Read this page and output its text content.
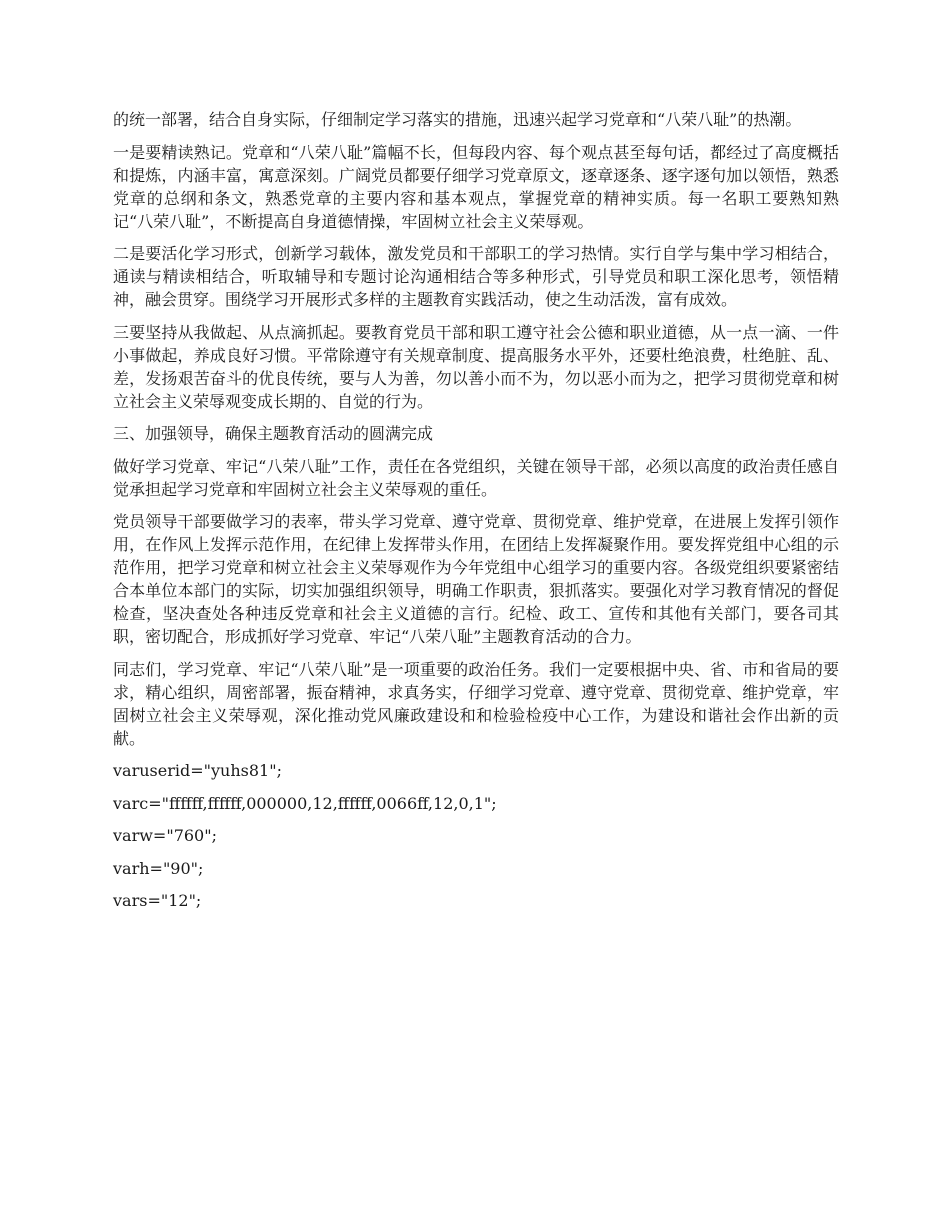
的统一部署，结合自身实际，仔细制定学习落实的措施，迅速兴起学习党章和“八荣八耻”的热潮。

一是要精读熟记。党章和“八荣八耻”篇幅不长，但每段内容、每个观点甚至每句话，都经过了高度概括和提炼，内涵丰富，寓意深刻。广阔党员都要仔细学习党章原文，逐章逐条、逐字逐句加以领悟，熟悉党章的总纲和条文，熟悉党章的主要内容和基本观点，掌握党章的精神实质。每一名职工要熟知熟记“八荣八耻”，不断提高自身道德情操，牢固树立社会主义荣辱观。

二是要活化学习形式，创新学习载体，激发党员和干部职工的学习热情。实行自学与集中学习相结合，通读与精读相结合，听取辅导和专题讨论沟通相结合等多种形式，引导党员和职工深化思考，领悟精神，融会贯穿。围绕学习开展形式多样的主题教育实践活动，使之生动活泼，富有成效。

三要坚持从我做起、从点滴抓起。要教育党员干部和职工遵守社会公德和职业道德，从一点一滴、一件小事做起，养成良好习惯。平常除遵守有关规章制度、提高服务水平外，还要杜绝浪费，杜绝脏、乱、差，发扬艰苦奋斗的优良传统，要与人为善，勿以善小而不为，勿以恶小而为之，把学习贯彻党章和树立社会主义荣辱观变成长期的、自觉的行为。

三、加强领导，确保主题教育活动的圆满完成

做好学习党章、牢记“八荣八耻”工作，责任在各党组织，关键在领导干部，必须以高度的政治责任感自觉承担起学习党章和牢固树立社会主义荣辱观的重任。

党员领导干部要做学习的表率，带头学习党章、遵守党章、贯彻党章、维护党章，在进展上发挥引领作用，在作风上发挥示范作用，在纪律上发挥带头作用，在团结上发挥凝聚作用。要发挥党组中心组的示范作用，把学习党章和树立社会主义荣辱观作为今年党组中心组学习的重要内容。各级党组织要紧密结合本单位本部门的实际，切实加强组织领导，明确工作职责，狠抓落实。要强化对学习教育情况的督促检查，坚决查处各种违反党章和社会主义道德的言行。纪检、政工、宣传和其他有关部门，要各司其职，密切配合，形成抓好学习党章、牢记“八荣八耻”主题教育活动的合力。

同志们，学习党章、牢记“八荣八耻”是一项重要的政治任务。我们一定要根据中央、省、市和省局的要求，精心组织，周密部署，振奋精神，求真务实，仔细学习党章、遵守党章、贯彻党章、维护党章，牢固树立社会主义荣辱观，深化推动党风廉政建设和和检验检疫中心工作，为建设和谐社会作出新的贡献。

varuserid="yuhs81";

varc="ffffff,ffffff,000000,12,ffffff,0066ff,12,0,1";

varw="760";

varh="90";

vars="12";
